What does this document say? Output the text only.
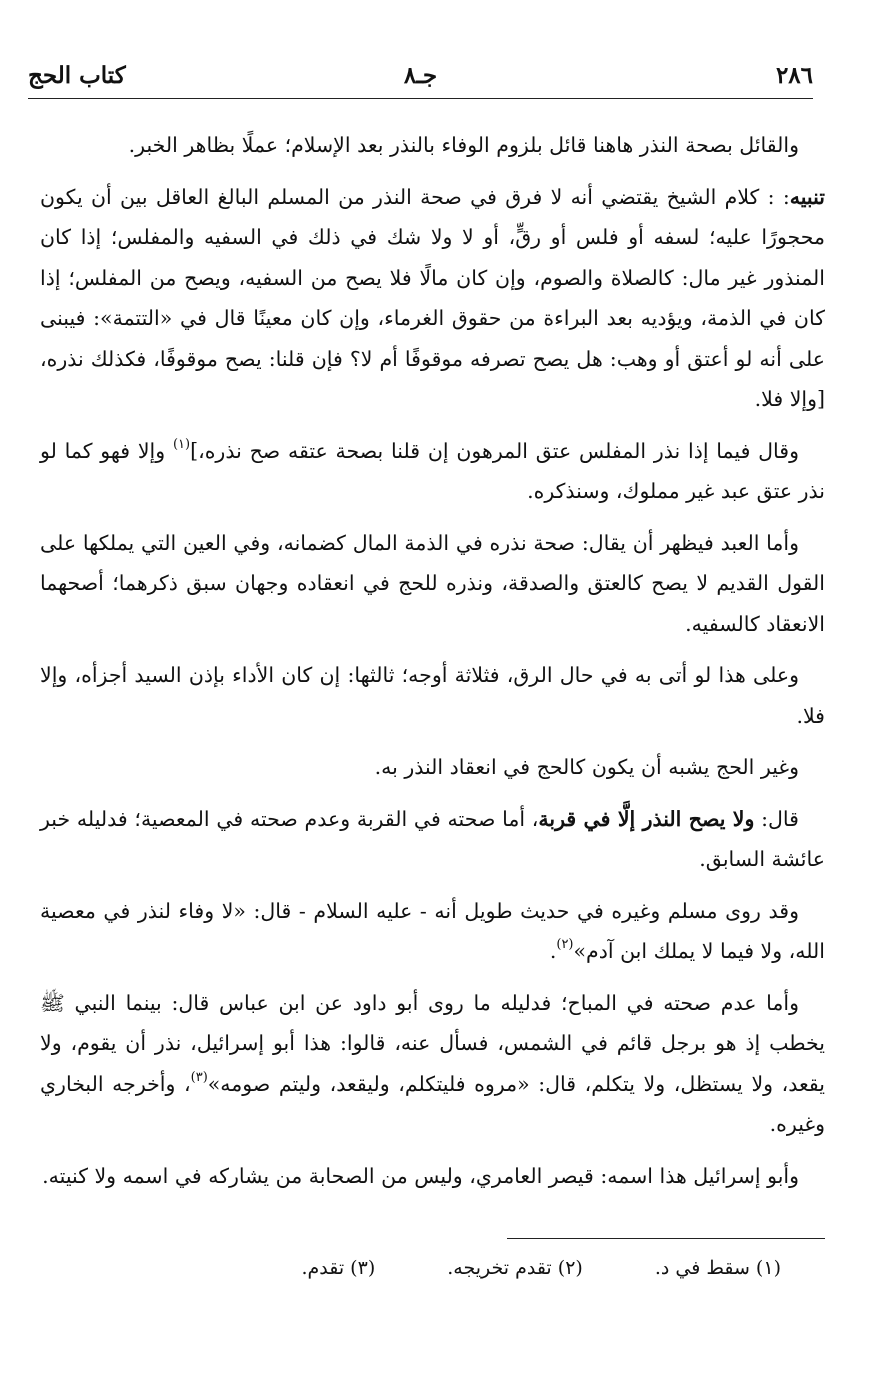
٢٨٦
جـ٨
كتاب الحج

والقائل بصحة النذر هاهنا قائل بلزوم الوفاء بالنذر بعد الإسلام؛ عملًا بظاهر الخبر.

تنبيه: : كلام الشيخ يقتضي أنه لا فرق في صحة النذر من المسلم البالغ العاقل بين أن يكون محجورًا عليه؛ لسفه أو فلس أو رقٍّ، أو لا ولا شك في ذلك في السفيه والمفلس؛ إذا كان المنذور غير مال: كالصلاة والصوم، وإن كان مالًا فلا يصح من السفيه، ويصح من المفلس؛ إذا كان في الذمة، ويؤديه بعد البراءة من حقوق الغرماء، وإن كان معينًا قال في «التتمة»: فيبنى على أنه لو أعتق أو وهب: هل يصح تصرفه موقوفًا أم لا؟ فإن قلنا: يصح موقوفًا، فكذلك نذره، [وإلا فلا.

وقال فيما إذا نذر المفلس عتق المرهون إن قلنا بصحة عتقه صح نذره،]$^{(١)}$ وإلا فهو كما لو نذر عتق عبد غير مملوك، وسنذكره.

وأما العبد فيظهر أن يقال: صحة نذره في الذمة المال كضمانه، وفي العين التي يملكها على القول القديم لا يصح كالعتق والصدقة، ونذره للحج في انعقاده وجهان سبق ذكرهما؛ أصحهما الانعقاد كالسفيه.

وعلى هذا لو أتى به في حال الرق، فثلاثة أوجه؛ ثالثها: إن كان الأداء بإذن السيد أجزأه، وإلا فلا.

وغير الحج يشبه أن يكون كالحج في انعقاد النذر به.

قال: ولا يصح النذر إلَّا في قربة، أما صحته في القربة وعدم صحته في المعصية؛ فدليله خبر عائشة السابق.

وقد روى مسلم وغيره في حديث طويل أنه - عليه السلام - قال: «لا وفاء لنذر في معصية الله، ولا فيما لا يملك ابن آدم»$^{(٢)}$.

وأما عدم صحته في المباح؛ فدليله ما روى أبو داود عن ابن عباس قال: بينما النبي ﷺ يخطب إذ هو برجل قائم في الشمس، فسأل عنه، قالوا: هذا أبو إسرائيل، نذر أن يقوم، ولا يقعد، ولا يستظل، ولا يتكلم، قال: «مروه فليتكلم، وليقعد، وليتم صومه»$^{(٣)}$، وأخرجه البخاري وغيره.

وأبو إسرائيل هذا اسمه: قيصر العامري، وليس من الصحابة من يشاركه في اسمه ولا كنيته.

(١) سقط في د.(٢) تقدم تخريجه.(٣) تقدم.
